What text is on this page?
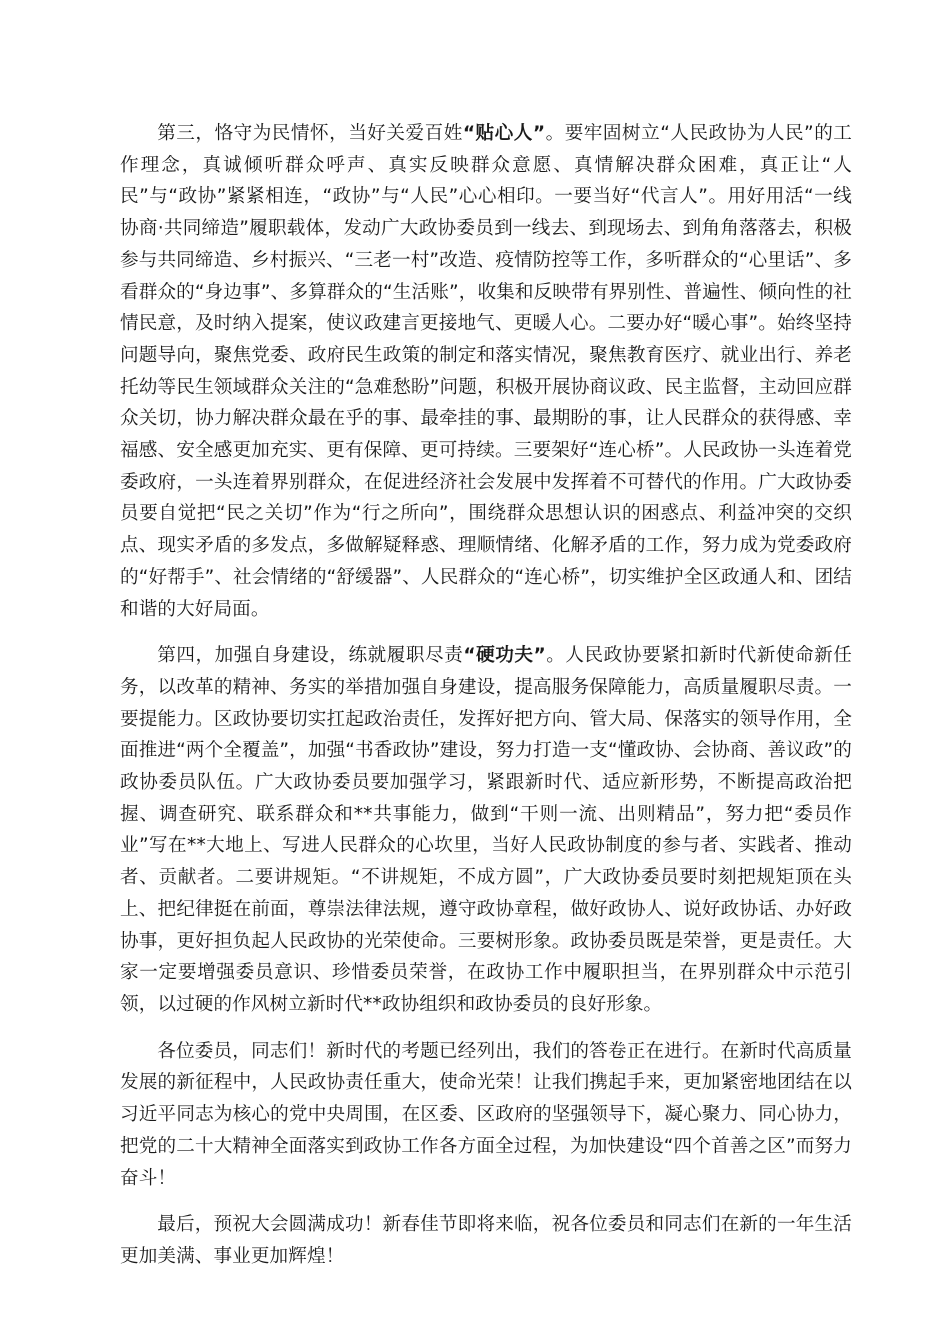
第三，恪守为民情怀，当好关爱百姓“贴心人”。要牢固树立“人民政协为人民”的工作理念，真诚倾听群众呼声、真实反映群众意愿、真情解决群众困难，真正让“人民”与“政协”紧紧相连，“政协”与“人民”心心相印。一要当好“代言人”。用好用活“一线协商·共同缔造”履职载体，发动广大政协委员到一线去、到现场去、到角角落落去，积极参与共同缔造、乡村振兴、“三老一村”改造、疫情防控等工作，多听群众的“心里话”、多看群众的“身边事”、多算群众的“生活账”，收集和反映带有界别性、普遍性、倾向性的社情民意，及时纳入提案，使议政建言更接地气、更暖人心。二要办好“暖心事”。始终坚持问题导向，聚焦党委、政府民生政策的制定和落实情况，聚焦教育医疗、就业出行、养老托幼等民生领域群众关注的“急难愁盼”问题，积极开展协商议政、民主监督，主动回应群众关切，协力解决群众最在乎的事、最牵挂的事、最期盼的事，让人民群众的获得感、幸福感、安全感更加充实、更有保障、更可持续。三要架好“连心桥”。人民政协一头连着党委政府，一头连着界别群众，在促进经济社会发展中发挥着不可替代的作用。广大政协委员要自觉把“民之关切”作为“行之所向”，围绕群众思想认识的困惑点、利益冲突的交织点、现实矛盾的多发点，多做解疑释惑、理顺情绪、化解矛盾的工作，努力成为党委政府的“好帮手”、社会情绪的“舒缓器”、人民群众的“连心桥”，切实维护全区政通人和、团结和谐的大好局面。

第四，加强自身建设，练就履职尽责“硬功夫”。人民政协要紧扣新时代新使命新任务，以改革的精神、务实的举措加强自身建设，提高服务保障能力，高质量履职尽责。一要提能力。区政协要切实扛起政治责任，发挥好把方向、管大局、保落实的领导作用，全面推进“两个全覆盖”，加强“书香政协”建设，努力打造一支“懂政协、会协商、善议政”的政协委员队伍。广大政协委员要加强学习，紧跟新时代、适应新形势，不断提高政治把握、调查研究、联系群众和**共事能力，做到“干则一流、出则精品”，努力把“委员作业”写在**大地上、写进人民群众的心坎里，当好人民政协制度的参与者、实践者、推动者、贡献者。二要讲规矩。“不讲规矩，不成方圆”，广大政协委员要时刻把规矩顶在头上、把纪律挺在前面，尊崇法律法规，遵守政协章程，做好政协人、说好政协话、办好政协事，更好担负起人民政协的光荣使命。三要树形象。政协委员既是荣誉，更是责任。大家一定要增强委员意识、珍惜委员荣誉，在政协工作中履职担当，在界别群众中示范引领，以过硬的作风树立新时代**政协组织和政协委员的良好形象。

各位委员，同志们！新时代的考题已经列出，我们的答卷正在进行。在新时代高质量发展的新征程中，人民政协责任重大，使命光荣！让我们携起手来，更加紧密地团结在以习近平同志为核心的党中央周围，在区委、区政府的坚强领导下，凝心聚力、同心协力，把党的二十大精神全面落实到政协工作各方面全过程，为加快建设“四个首善之区”而努力奋斗！

最后，预祝大会圆满成功！新春佳节即将来临，祝各位委员和同志们在新的一年生活更加美满、事业更加辉煌！
